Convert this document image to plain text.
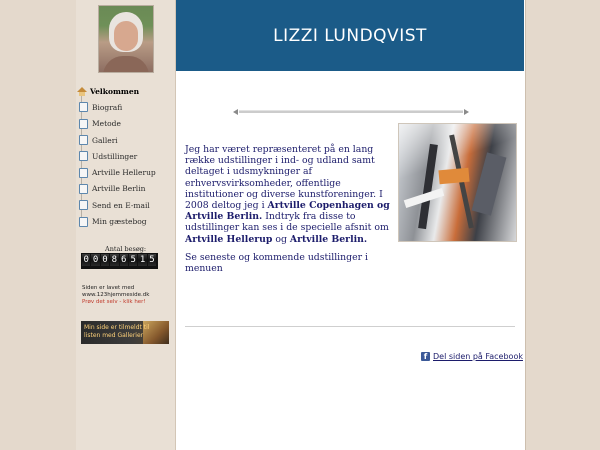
Velkommen
Biografi
Metode
Galleri
Udstillinger
Artville Hellerup
Artville Berlin
Send en E-mail
Min gæstebog
Antal besøg:
0 0 0 8 6 5 1 5
Siden er lavet med
www.123hjemmeside.dk
Prøv det selv - klik her!
Min side er tilmeldt til listen med Gallerier
LIZZI LUNDQVIST

Jeg har været repræsenteret på en lang række udstillinger i ind- og udland samt deltaget i udsmykninger af erhvervsvirksomheder, offentlige institutioner og diverse kunstforeninger. I 2008 deltog jeg i Artville Copenhagen og Artville Berlin. Indtryk fra disse to udstillinger kan ses i de specielle afsnit om Artville Hellerup og Artville Berlin.

Se seneste og kommende udstillinger i menuen

f Del siden på Facebook
